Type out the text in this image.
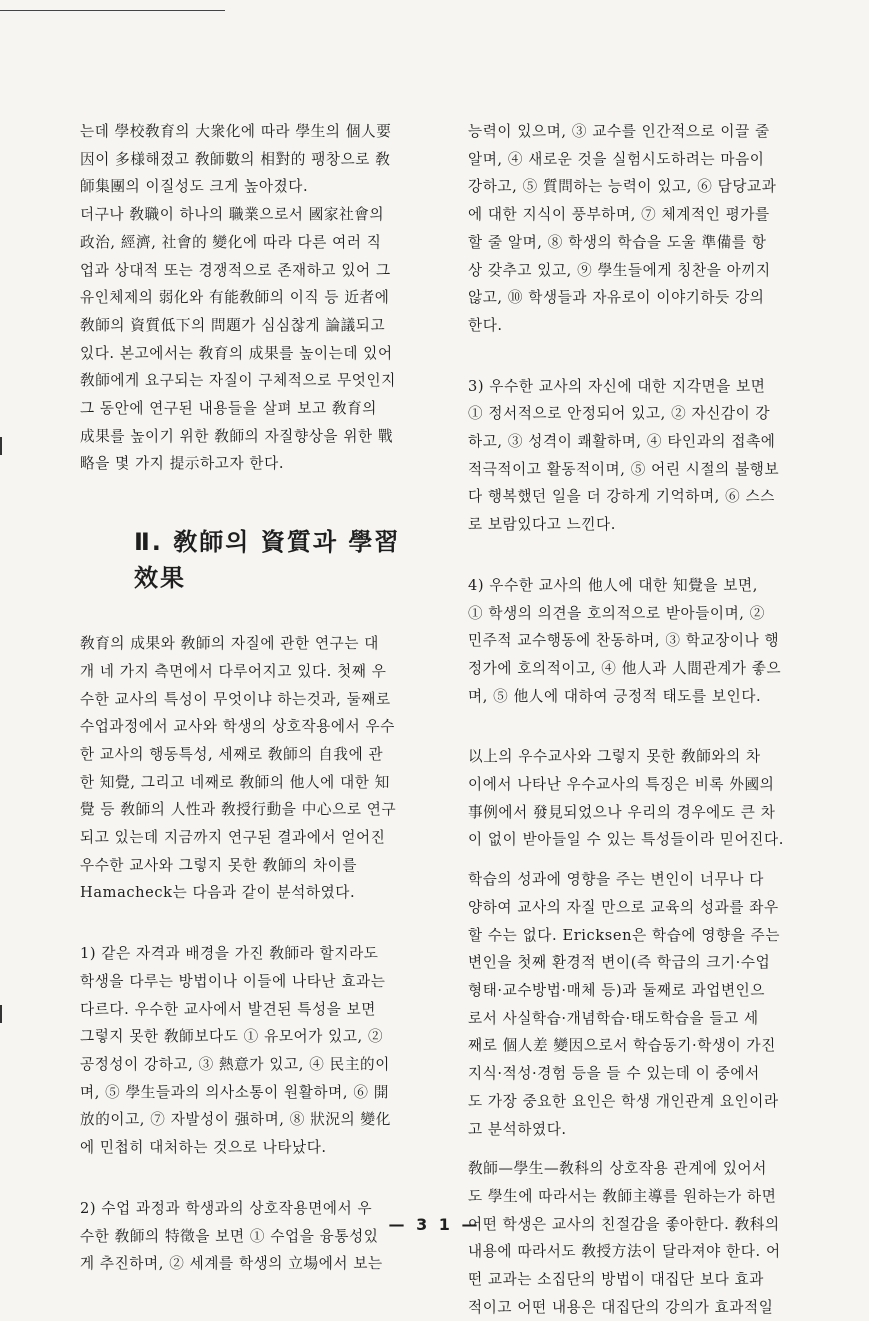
는데 學校敎育의 大衆化에 따라 學生의 個人要
因이 多様해졌고 敎師數의 相對的 팽창으로 敎
師集團의 이질성도 크게 높아졌다.

더구나 敎職이 하나의 職業으로서 國家社會의
政治, 經濟, 社會的 變化에 따라 다른 여러 직
업과 상대적 또는 경쟁적으로 존재하고 있어 그
유인체제의 弱化와 有能敎師의 이직 등 近者에
敎師의 資質低下의 問題가 심심찮게 論議되고
있다. 본고에서는 敎育의 成果를 높이는데 있어
敎師에게 요구되는 자질이 구체적으로 무엇인지
그 동안에 연구된 내용들을 살펴 보고 敎育의
成果를 높이기 위한 敎師의 자질향상을 위한 戰
略을 몇 가지 提示하고자 한다.

Ⅱ. 敎師의 資質과 學習
效果

敎育의 成果와 敎師의 자질에 관한 연구는 대
개 네 가지 측면에서 다루어지고 있다. 첫째 우
수한 교사의 특성이 무엇이냐 하는것과, 둘째로
수업과정에서 교사와 학생의 상호작용에서 우수
한 교사의 행동특성, 세째로 敎師의 自我에 관
한 知覺, 그리고 네째로 敎師의 他人에 대한 知
覺 등 敎師의 人性과 敎授行動을 中心으로 연구
되고 있는데 지금까지 연구된 결과에서 얻어진
우수한 교사와 그렇지 못한 敎師의 차이를
Hamacheck는 다음과 같이 분석하였다.

1) 같은 자격과 배경을 가진 敎師라 할지라도
학생을 다루는 방법이나 이들에 나타난 효과는
다르다. 우수한 교사에서 발견된 특성을 보면
그렇지 못한 敎師보다도 ① 유모어가 있고, ②
공정성이 강하고, ③ 熱意가 있고, ④ 民主的이
며, ⑤ 學生들과의 의사소통이 원활하며, ⑥ 開
放的이고, ⑦ 자발성이 强하며, ⑧ 狀況의 變化
에 민첩히 대처하는 것으로 나타났다.

2) 수업 과정과 학생과의 상호작용면에서 우
수한 敎師의 特徵을 보면 ① 수업을 융통성있
게 추진하며, ② 세계를 학생의 立場에서 보는

능력이 있으며, ③ 교수를 인간적으로 이끌 줄
알며, ④ 새로운 것을 실험시도하려는 마음이
강하고, ⑤ 質問하는 능력이 있고, ⑥ 담당교과
에 대한 지식이 풍부하며, ⑦ 체계적인 평가를
할 줄 알며, ⑧ 학생의 학습을 도울 準備를 항
상 갖추고 있고, ⑨ 學生들에게 칭찬을 아끼지
않고, ⑩ 학생들과 자유로이 이야기하듯 강의
한다.

3) 우수한 교사의 자신에 대한 지각면을 보면
① 정서적으로 안정되어 있고, ② 자신감이 강
하고, ③ 성격이 쾌활하며, ④ 타인과의 접촉에
적극적이고 활동적이며, ⑤ 어린 시절의 불행보
다 행복했던 일을 더 강하게 기억하며, ⑥ 스스
로 보람있다고 느낀다.

4) 우수한 교사의 他人에 대한 知覺을 보면,
① 학생의 의견을 호의적으로 받아들이며, ②
민주적 교수행동에 찬동하며, ③ 학교장이나 행
정가에 호의적이고, ④ 他人과 人間관계가 좋으
며, ⑤ 他人에 대하여 긍정적 태도를 보인다.

以上의 우수교사와 그렇지 못한 敎師와의 차
이에서 나타난 우수교사의 특징은 비록 外國의
事例에서 發見되었으나 우리의 경우에도 큰 차
이 없이 받아들일 수 있는 특성들이라 믿어진다.

학습의 성과에 영향을 주는 변인이 너무나 다
양하여 교사의 자질 만으로 교육의 성과를 좌우
할 수는 없다. Ericksen은 학습에 영향을 주는
변인을 첫째 환경적 변이(즉 학급의 크기·수업
형태·교수방법·매체 등)과 둘째로 과업변인으
로서 사실학습·개념학습·태도학습을 들고 세
째로 個人差 變因으로서 학습동기·학생이 가진
지식·적성·경험 등을 들 수 있는데 이 중에서
도 가장 중요한 요인은 학생 개인관계 요인이라
고 분석하였다.

敎師—學生—敎科의 상호작용 관계에 있어서
도 學生에 따라서는 敎師主導를 원하는가 하면
어떤 학생은 교사의 친절감을 좋아한다. 敎科의
내용에 따라서도 敎授方法이 달라져야 한다. 어
떤 교과는 소집단의 방법이 대집단 보다 효과
적이고 어떤 내용은 대집단의 강의가 효과적일

— 3 1 —
